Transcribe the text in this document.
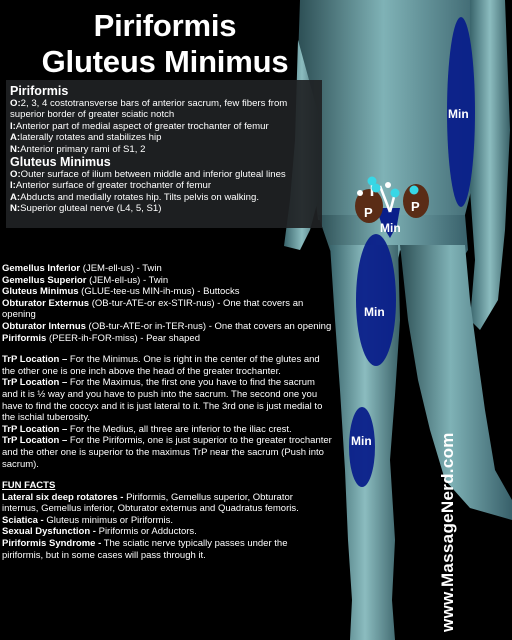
Piriformis
Gluteus Minimus
Piriformis
O:2, 3, 4 costotransverse bars of anterior sacrum, few fibers from superior border of greater sciatic notch
I:Anterior part of medial aspect of greater trochanter of femur
A:laterally rotates and stabilizes hip
N:Anterior primary rami of S1, 2
Gluteus Minimus
O:Outer surface of ilium between middle and inferior gluteal lines
I:Anterior surface of greater trochanter of femur
A:Abducts and medially rotates hip. Tilts pelvis on walking.
N:Superior gluteal nerve (L4, 5, S1)
Gemellus Inferior (JEM-ell-us) - Twin
Gemellus Superior (JEM-ell-us) - Twin
Gluteus Minimus (GLUE-tee-us MIN-ih-mus) - Buttocks
Obturator Externus (OB-tur-ATE-or ex-STIR-nus) - One that covers an opening
Obturator Internus (OB-tur-ATE-or in-TER-nus) - One that covers an opening
Piriformis (PEER-ih-FOR-miss) - Pear shaped
TrP Location – For the Minimus. One is right in the center of the glutes and the other one is one inch above the head of the greater trochanter.
TrP Location – For the Maximus, the first one you have to find the sacrum and it is ½ way and you have to push into the sacrum. The second one you have to find the coccyx and it is just lateral to it. The 3rd one is just medial to the ischial tuberosity.
TrP Location – For the Medius, all three are inferior to the iliac crest.
TrP Location – For the Piriformis, one is just superior to the greater trochanter and the other one is superior to the maximus TrP near the sacrum (Push into sacrum).
FUN FACTS
Lateral six deep rotatores - Piriformis, Gemellus superior, Obturator internus, Gemellus inferior, Obturator externus and Quadratus femoris.
Sciatica - Gluteus minimus or Piriformis.
Sexual Dysfunction - Piriformis or Adductors.
Piriformis Syndrome - The sciatic nerve typically passes under the piriformis, but in some cases will pass through it.
Min
Min
Min
Min
P	P
www.MassageNerd.com
